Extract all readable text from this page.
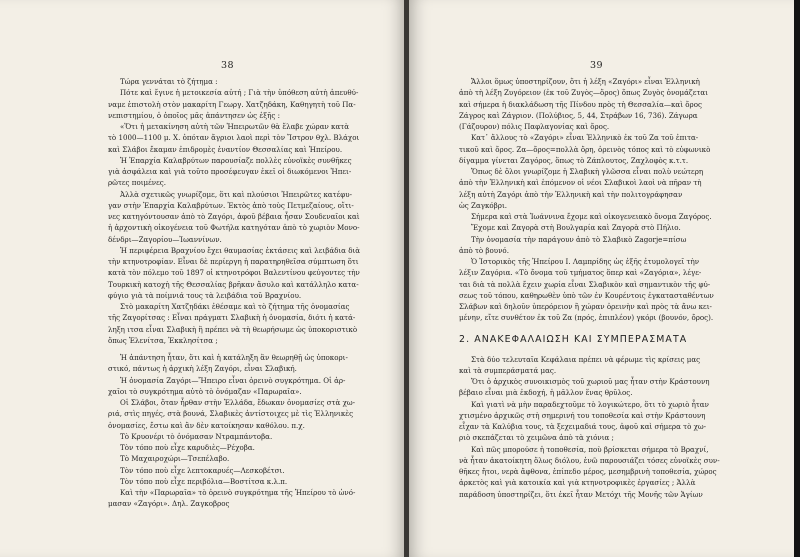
38
Τώρα γεννάται τὸ ζήτημα :
Πότε καὶ ἔγινε ἡ μετοικεσία αὐτή ; Γιὰ τὴν ὑπόθεση αὐτὴ ἀπευθύ-
ναμε ἐπιστολὴ στὸν μακαρίτη Γεωργ. Χατζηδάκη, Καθηγητὴ τοῦ Πα-
νεπιστημίου, ὁ ὁποῖος μᾶς ἀπάντησεν ὡς ἑξῆς :
«Ὅτι ἡ μετακίνηση αὐτὴ τῶν Ἠπειρωτῶν θὰ ἔλαβε χώραν κατὰ
τὸ 1000—1100 μ. Χ. ὁπόταν ἄγριοι λαοὶ περὶ τὸν Ἴστρον θχλ. Βλάχοι
καὶ Σλάβοι ἔκαμαν ἐπιδρομὲς ἐναντίον Θεσσαλίας καὶ Ἠπείρου.
Ἡ Ἐπαρχία Καλαβρύτων παρουσίαζε πολλὲς εὐνοϊκὲς συνθῆκες
γιὰ ἀσφάλεια καὶ γιὰ τοῦτο προσέφευγαν ἐκεῖ οἱ διωκόμενοι Ἠπει-
ρῶτες ποιμένες.
Ἀλλὰ σχετικῶς γνωρίζομε, ὅτι καὶ πλούσιοι Ἠπειρῶτες κατέφυ-
γαν στὴν Ἐπαρχία Καλαβρύτων. Ἐκτὸς ἀπὸ τοὺς Πετμεζαίους, οἵτι-
νες κατηγόντουσαν ἀπὸ τὸ Ζαγόρι, ἀφοῦ βέβαια ἦσαν Σουδεναῖοι καὶ
ἡ ἀρχοντικὴ οἰκογένεια τοῦ Φωτήλα κατηγόταν ἀπὸ τὸ χωριὸν Μονο-
δένδρι—Ζαγορίου—Ἰωαννίνων.
Ἡ περιφέρεια Βραχνίου ἔχει θαυμασίας ἐκτάσεις καὶ λειβάδια διὰ
τὴν κτηνοτροφίαν. Εἶναι δὲ περίεργη ἡ παρατηρηθεῖσα σύμπτωση ὅτι
κατὰ τὸν πόλεμο τοῦ 1897 οἱ κτηνοτρόφοι Βαλεντίνου φεύγοντες τὴν
Τουρκικὴ κατοχὴ τῆς Θεσσαλίας βρῆκαν ἄσυλο καὶ κατάλληλο κατα-
φύγιο γιὰ τὰ ποίμνιά τους τὰ λειβάδια τοῦ Βραχνίου.
Στὸ μακαρίτη Χατζηδάκι ἐθέσαμε καὶ τὸ ζήτημα τῆς ὀνομασίας
τῆς Ζαγορίτσας : Εἶναι πράγματι Σλαβικὴ ἡ ὀνομασία, διότι ἡ κατά-
ληξη ιτσα εἶναι Σλαβικὴ ἢ πρέπει νὰ τὴ θεωρήσωμε ὡς ὑποκοριστικὸ
ὅπως Ἑλενίτσα, Ἐκκλησίτσα ;
Ἡ ἀπάντηση ἦταν, ὅτι καὶ ἡ κατάληξη ἂν θεωρηθῇ ὡς ὑποκορι-
στικό, πάντως ἡ ἀρχικὴ λέξη Ζαγόρι, εἶναι Σλαβική.
Ἡ ὀνομασία Ζαγόρι—Ἤπειρο εἶναι ὀρεινὸ συγκρότημα. Οἱ ἀρ-
χαῖοι τὸ συγκρότημα αὐτὸ τὸ ὀνόμαζαν «Παρωραῖα».
Οἱ Σλάβοι, ὅταν ἦρθαν στὴν Ἑλλάδα, ἔδωκαν ὀνομασίες στὰ χω-
ριά, στὶς πηγές, στὰ βουνά, Σλαβικὲς ἀντίστοιχες μὲ τὶς Ἑλληνικὲς
ὀνομασίες, ἔστω καὶ ἂν δὲν κατοίκησαν καθόλου. π.χ.
Τὸ Κρυονέρι τὸ ὀνόμασαν Ντραμπάντοβα.
Τὸν τόπο ποὺ εἶχε καρυδιὲς—Ρέχοβα.
Τὸ Μαχαιροχώρι—Τσεπέλαβο.
Τὸν τόπο ποὺ εἶχε λεπτοκαρυές—Λεσκοβέτσι.
Τὸν τόπο ποὺ εἶχε περιβόλια—Βοστίτσα κ.λ.π.
Καὶ τὴν «Παρωραῖα» τὸ ὀρεινὸ συγκρότημα τῆς Ἠπείρου τὸ ὠνό-
μασαν «Ζαγόρι». Δηλ. Ζαγκοβρος
39
Ἄλλοι ὅμως ὑποστηρίζουν, ὅτι ἡ λέξη «Ζαγόρι» εἶναι Ἑλληνικὴ
ἀπὸ τὴ λέξη Ζυγόρειον (ἐκ τοῦ Ζυγὸς—ὄρος) ὅπως Ζυγὸς ὀνομάζεται
καὶ σήμερα ἡ διακλάδωση τῆς Πίνδου πρὸς τὴ Θεσσαλία—καὶ ὄρος
Ζάγρος καὶ Ζάγριον. (Πολύβιος, 5, 44, Στράβων 16, 736). Ζάγωρα
(Γάζουρον) πόλις Παφλαγονίας καὶ ὄρος.
Κατ᾽ ἄλλους τὸ «Ζαγόρι» εἶναι Ἑλληνικὸ ἐκ τοῦ Ζα τοῦ ἐπιτα-
τικοῦ καὶ ὄρος. Ζα—ὄρος=πολλὰ ὄρη, ὀρεινὸς τόπος καὶ τὸ εὐφωνικὸ
δίγαμμα γίνεται Ζαγόρος, ὅπως τὸ Ζάπλουτος, Ζαχλοφὸς κ.τ.τ.
Ὅπως δὲ ὅλοι γνωρίζομε ἡ Σλαβικὴ γλῶσσα εἶναι πολὺ νεώτερη
ἀπὸ τὴν Ἑλληνικὴ καὶ ἑπόμενον οἱ νέοι Σλαβικοὶ λαοὶ νὰ πῆραν τὴ
λέξη αὐτὴ Ζαγόρι ἀπὸ τὴν Ἑλληνικὴ καὶ τὴν πολιτογράφησαν
ὡς Ζαγκόβρι.
Σήμερα καὶ στὰ Ἰωάννινα ἔχομε καὶ οἰκογενειακὸ ὄνομα Ζαγόρος.
Ἔχομε καὶ Ζαγορὰ στὴ Βουλγαρία καὶ Ζαγορὰ στὸ Πήλιο.
Τὴν ὀνομασία τὴν παράγουν ἀπὸ τὸ Σλαβικὸ Zagorje=πίσω
ἀπὸ τὸ βουνό.
Ὁ Ἱστορικὸς τῆς Ἠπείρου Ι. Λαμπρίδης ὡς ἑξῆς ἐτυμολογεῖ τὴν
λέξιν Ζαγόρια. «Τὸ ὄνομα τοῦ τμήματος ὅπερ καὶ «Ζαγόρια», λέγε-
ται διὰ τὰ πολλὰ ἔχειν χωρία εἶναι Σλαβικὸν καὶ σημαντικὸν τῆς φύ-
σεως τοῦ τόπου, καθηρωθὲν ὑπὸ τῶν ἐν Κουρέντοις ἐγκατασταθέντων
Σλάβων καὶ δηλοῦν ὑπερόρειον ἢ χώραν ὀρεινὴν καὶ πρὸς τὰ ἄνω κει-
μένην, εἴτε συνθέτον ἐκ τοῦ Ζα (πρός, ἐπιπλέον) γκόρι (βουνόν, ὄρος).
2. ΑΝΑΚΕΦΑΛΑΙΩΣΗ ΚΑΙ ΣΥΜΠΕΡΑΣΜΑΤΑ
Στὰ δύο τελευταῖα Κεφάλαια πρέπει νὰ φέρωμε τὶς κρίσεις μας
καὶ τὰ συμπεράσματά μας.
Ὅτι ὁ ἀρχικὸς συνοικισμὸς τοῦ χωριοῦ μας ἦταν στὴν Κράστουνη
βέβαιο εἶναι μιὰ ἐκδοχή, ἡ μᾶλλον ἕνας θρῦλος.
Καὶ γιατὶ νὰ μὴν παραδεχτοῦμε τὸ λογικώτερο, ὅτι τὸ χωριὸ ἦταν
χτισμένο ἀρχικῶς στὴ σημερινή του τοποθεσία καὶ στὴν Κράστουνη
εἶχαν τὰ Καλύβια τους, τὰ ξεχειμαδιά τους, ἀφοῦ καὶ σήμερα τὸ χω-
ριὸ σκεπάζεται τὸ χειμῶνα ἀπὸ τὰ χιόνια ;
Καὶ πῶς μπορούσε ἡ τοποθεσία, ποὺ βρίσκεται σήμερα τὸ Βραχνί,
νὰ ἦταν ἀκατοίκητη ὅλως διόλου, ἐνῶ παρουσιάζει τόσες εὐνοϊκὲς συν-
θῆκες ἤτοι, νερὰ ἄφθονα, ἐπίπεδο μέρος, μεσημβρινὴ τοποθεσία, χώρος
ἀρκετὸς καὶ γιὰ κατοικία καὶ γιὰ κτηνοτροφικὲς ἐργασίες ; Ἀλλὰ
παράδοση ὑποστηρίζει, ὅτι ἐκεῖ ἦταν Μετόχι τῆς Μονῆς τῶν Ἁγίων
